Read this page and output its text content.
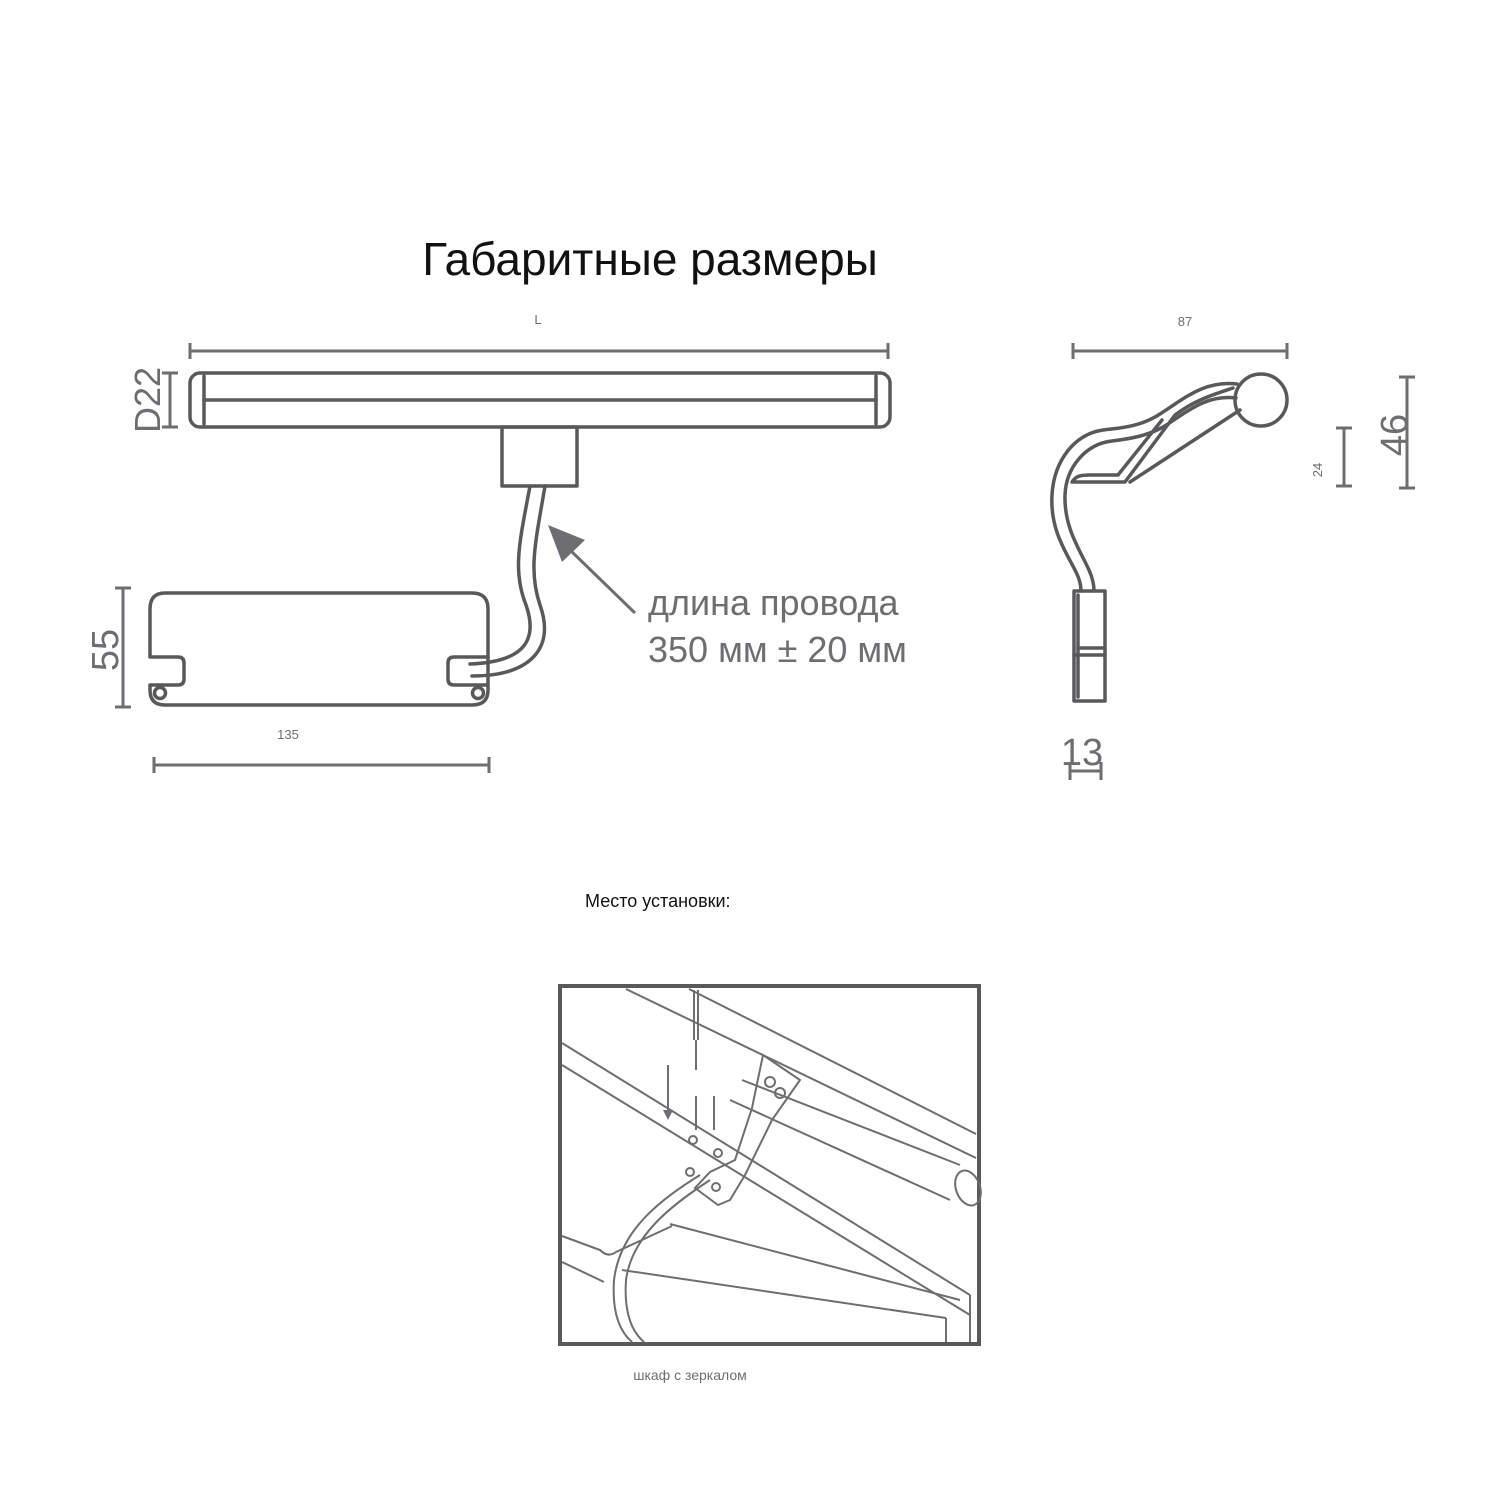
Габаритные размеры
L
D22
длина провода
350 мм ± 20 мм
55
135
87
13
24
46
Место установки:
шкаф с зеркалом
